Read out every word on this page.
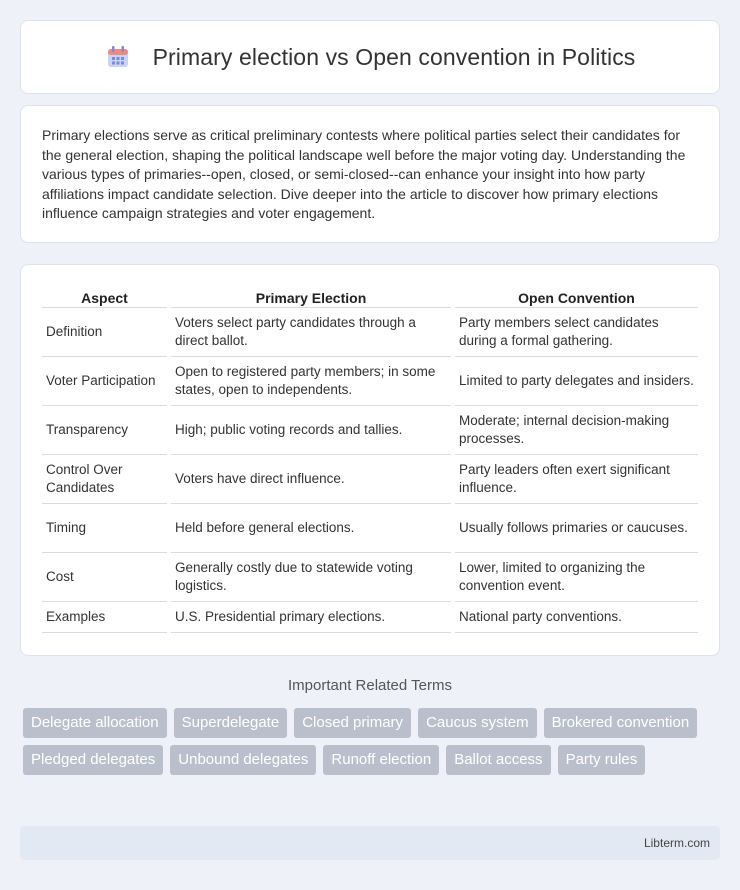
Primary election vs Open convention in Politics

Primary elections serve as critical preliminary contests where political parties select their candidates for the general election, shaping the political landscape well before the major voting day. Understanding the various types of primaries--open, closed, or semi-closed--can enhance your insight into how party affiliations impact candidate selection. Dive deeper into the article to discover how primary elections influence campaign strategies and voter engagement.

Aspect	Primary Election	Open Convention
Definition	Voters select party candidates through a direct ballot.	Party members select candidates during a formal gathering.
Voter Participation	Open to registered party members; in some states, open to independents.	Limited to party delegates and insiders.
Transparency	High; public voting records and tallies.	Moderate; internal decision-making processes.
Control Over Candidates	Voters have direct influence.	Party leaders often exert significant influence.
Timing	Held before general elections.	Usually follows primaries or caucuses.
Cost	Generally costly due to statewide voting logistics.	Lower, limited to organizing the convention event.
Examples	U.S. Presidential primary elections.	National party conventions.
Important Related Terms
Delegate allocation	Superdelegate	Closed primary	Caucus system	Brokered convention
Pledged delegates	Unbound delegates	Runoff election	Ballot access	Party rules
Libterm.com
